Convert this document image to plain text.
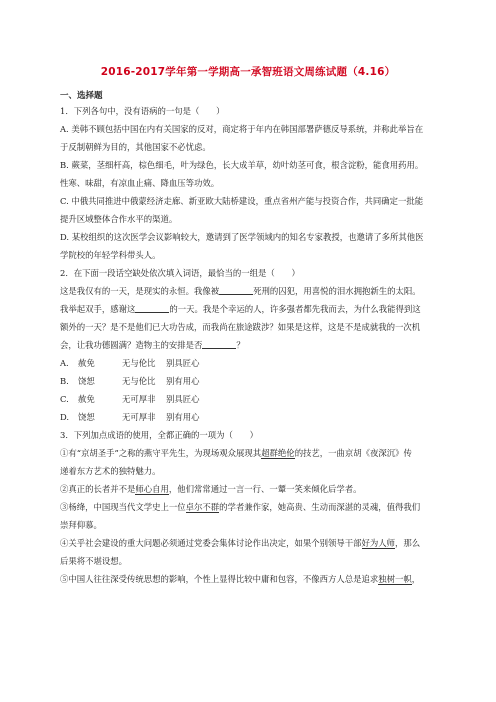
2016-2017学年第一学期高一承智班语文周练试题（4.16）
一、选择题
1．下列各句中，没有语病的一句是（　　）
A. 美韩不顾包括中国在内有关国家的反对，商定将于年内在韩国部署萨德反导系统，并称此举旨在
于反制朝鲜为目的，其他国家不必忧虑。
B. 蕨菜，茎细杆高，棕色细毛，叶为绿色，长大成羊草，幼叶幼茎可食，根含淀粉，能食用药用。
性寒、味甜，有凉血止痛、降血压等功效。
C. 中俄共同推进中俄蒙经济走廊、新亚欧大陆桥建设，重点省州产能与投资合作，共同确定一批能
提升区域整体合作水平的渠道。
D. 某校组织的这次医学会议影响较大，邀请到了医学领域内的知名专家教授，也邀请了多所其他医
学院校的年轻学科带头人。
2．在下面一段话空缺处依次填入词语，最恰当的一组是（　　）
这是我仅有的一天，是现实的永恒。我像被	死刑的囚犯，用喜悦的泪水拥抱新生的太阳。
我举起双手，感谢这	的一天。我是个幸运的人，许多强者都先我而去，为什么我能得到这
额外的一天？是不是他们已大功告成，而我尚在旅途跋涉？如果是这样，这是不是成就我的一次机
会，让我功德圆满？造物主的安排是否	？
A. 赦免	无与伦比 别具匠心
B. 饶恕	无与伦比 别有用心
C. 赦免	无可厚非 别具匠心
D. 饶恕	无可厚非 别有用心
3．下列加点成语的使用，全都正确的一项为（　　）
①有“京胡圣手”之称的燕守平先生，为现场观众展现其超群绝伦的技艺，一曲京胡《夜深沉》传
递着东方艺术的独特魅力。
②真正的长者并不是师心自用，他们常常通过一言一行、一颦一笑来倾化后学者。
③杨绛，中国现当代文学史上一位卓尔不群的学者兼作家，她高贵、生动而深湛的灵魂，值得我们
崇拜仰慕。
④关乎社会建设的重大问题必须通过党委会集体讨论作出决定，如果个别领导干部好为人师，那么
后果将不堪设想。
⑤中国人往往深受传统思想的影响，个性上显得比较中庸和包容，不像西方人总是追求独树一帜，
